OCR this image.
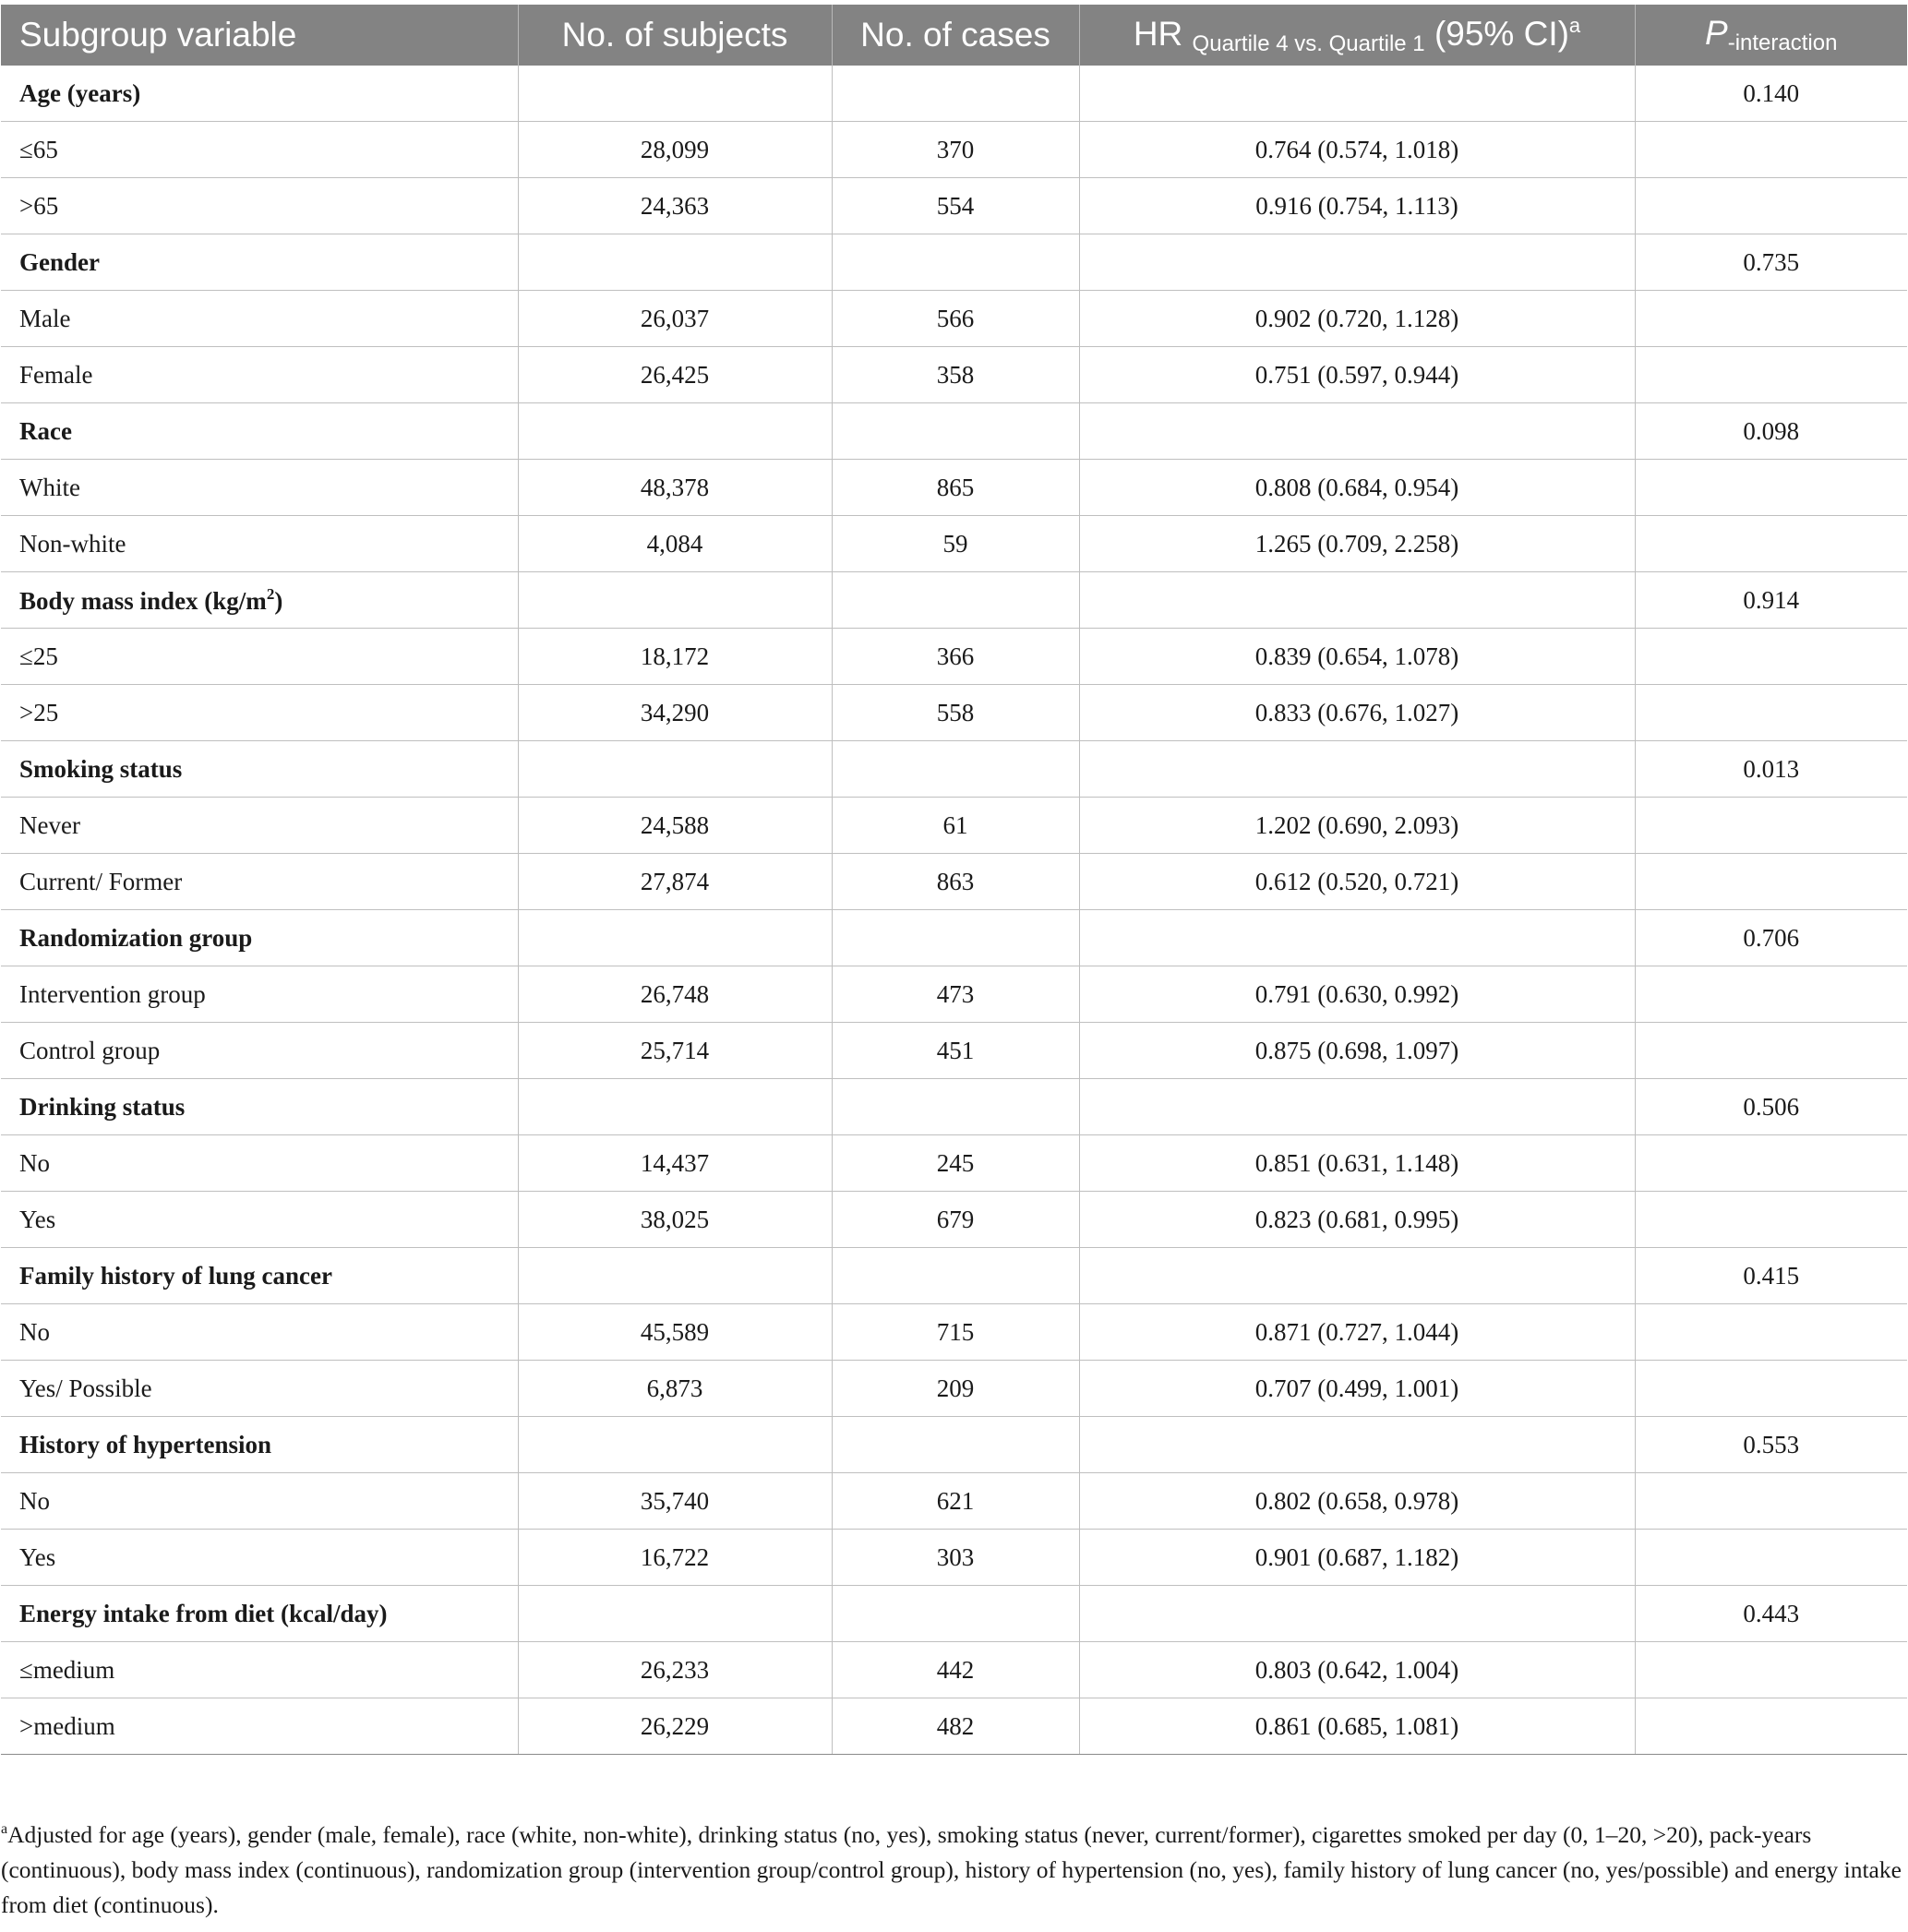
Subgroup variable	No. of subjects	No. of cases	HR $_{Quartile 4 vs. Quartile 1}$ (95% CI)$^a$	$P_{-interaction}$
Age (years)				0.140
≤65	28,099	370	0.764 (0.574, 1.018)	
>65	24,363	554	0.916 (0.754, 1.113)	
Gender				0.735
Male	26,037	566	0.902 (0.720, 1.128)	
Female	26,425	358	0.751 (0.597, 0.944)	
Race				0.098
White	48,378	865	0.808 (0.684, 0.954)	
Non-white	4,084	59	1.265 (0.709, 2.258)	
Body mass index $(kg/m^2)$				0.914
≤25	18,172	366	0.839 (0.654, 1.078)	
>25	34,290	558	0.833 (0.676, 1.027)	
Smoking status				0.013
Never	24,588	61	1.202 (0.690, 2.093)	
Current/ Former	27,874	863	0.612 (0.520, 0.721)	
Randomization group				0.706
Intervention group	26,748	473	0.791 (0.630, 0.992)	
Control group	25,714	451	0.875 (0.698, 1.097)	
Drinking status				0.506
No	14,437	245	0.851 (0.631, 1.148)	
Yes	38,025	679	0.823 (0.681, 0.995)	
Family history of lung cancer				0.415
No	45,589	715	0.871 (0.727, 1.044)	
Yes/ Possible	6,873	209	0.707 (0.499, 1.001)	
History of hypertension				0.553
No	35,740	621	0.802 (0.658, 0.978)	
Yes	16,722	303	0.901 (0.687, 1.182)	
Energy intake from diet (kcal/day)				0.443
≤medium	26,233	442	0.803 (0.642, 1.004)	
>medium	26,229	482	0.861 (0.685, 1.081)	
$^a$Adjusted for age (years), gender (male, female), race (white, non-white), drinking status (no, yes), smoking status (never, current/former), cigarettes smoked per day (0, 1–20, >20), pack-years (continuous), body mass index (continuous), randomization group (intervention group/control group), history of hypertension (no, yes), family history of lung cancer (no, yes/possible) and energy intake from diet (continuous).
